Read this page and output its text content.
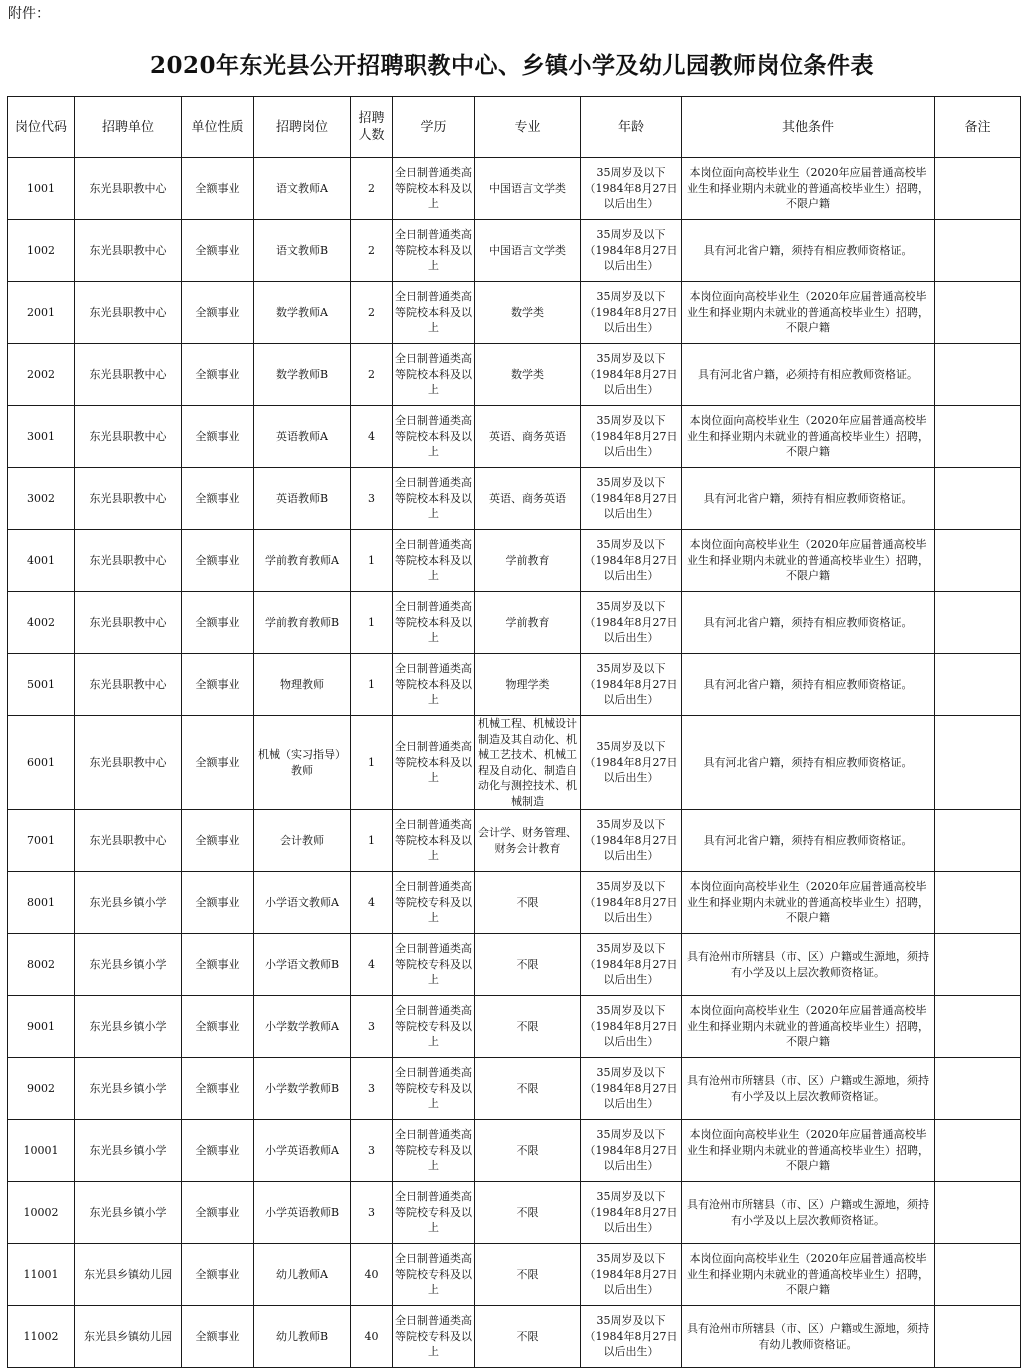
附件：
2020年东光县公开招聘职教中心、乡镇小学及幼儿园教师岗位条件表
岗位代码	招聘单位	单位性质	招聘岗位	招聘人数	学历	专业	年龄	其他条件	备注
1001	东光县职教中心	全额事业	语文教师A	2	全日制普通类高等院校本科及以上	中国语言文学类	35周岁及以下（1984年8月27日以后出生）	本岗位面向高校毕业生（2020年应届普通高校毕业生和择业期内未就业的普通高校毕业生）招聘，不限户籍	
1002	东光县职教中心	全额事业	语文教师B	2	全日制普通类高等院校本科及以上	中国语言文学类	35周岁及以下（1984年8月27日以后出生）	具有河北省户籍，须持有相应教师资格证。	
2001	东光县职教中心	全额事业	数学教师A	2	全日制普通类高等院校本科及以上	数学类	35周岁及以下（1984年8月27日以后出生）	本岗位面向高校毕业生（2020年应届普通高校毕业生和择业期内未就业的普通高校毕业生）招聘，不限户籍	
2002	东光县职教中心	全额事业	数学教师B	2	全日制普通类高等院校本科及以上	数学类	35周岁及以下（1984年8月27日以后出生）	具有河北省户籍，必须持有相应教师资格证。	
3001	东光县职教中心	全额事业	英语教师A	4	全日制普通类高等院校本科及以上	英语、商务英语	35周岁及以下（1984年8月27日以后出生）	本岗位面向高校毕业生（2020年应届普通高校毕业生和择业期内未就业的普通高校毕业生）招聘，不限户籍	
3002	东光县职教中心	全额事业	英语教师B	3	全日制普通类高等院校本科及以上	英语、商务英语	35周岁及以下（1984年8月27日以后出生）	具有河北省户籍，须持有相应教师资格证。	
4001	东光县职教中心	全额事业	学前教育教师A	1	全日制普通类高等院校本科及以上	学前教育	35周岁及以下（1984年8月27日以后出生）	本岗位面向高校毕业生（2020年应届普通高校毕业生和择业期内未就业的普通高校毕业生）招聘，不限户籍	
4002	东光县职教中心	全额事业	学前教育教师B	1	全日制普通类高等院校本科及以上	学前教育	35周岁及以下（1984年8月27日以后出生）	具有河北省户籍，须持有相应教师资格证。	
5001	东光县职教中心	全额事业	物理教师	1	全日制普通类高等院校本科及以上	物理学类	35周岁及以下（1984年8月27日以后出生）	具有河北省户籍，须持有相应教师资格证。	
6001	东光县职教中心	全额事业	机械（实习指导）教师	1	全日制普通类高等院校本科及以上	机械工程、机械设计制造及其自动化、机械工艺技术、机械工程及自动化、制造自动化与测控技术、机械制造	35周岁及以下（1984年8月27日以后出生）	具有河北省户籍，须持有相应教师资格证。	
7001	东光县职教中心	全额事业	会计教师	1	全日制普通类高等院校本科及以上	会计学、财务管理、财务会计教育	35周岁及以下（1984年8月27日以后出生）	具有河北省户籍，须持有相应教师资格证。	
8001	东光县乡镇小学	全额事业	小学语文教师A	4	全日制普通类高等院校专科及以上	不限	35周岁及以下（1984年8月27日以后出生）	本岗位面向高校毕业生（2020年应届普通高校毕业生和择业期内未就业的普通高校毕业生）招聘，不限户籍	
8002	东光县乡镇小学	全额事业	小学语文教师B	4	全日制普通类高等院校专科及以上	不限	35周岁及以下（1984年8月27日以后出生）	具有沧州市所辖县（市、区）户籍或生源地，须持有小学及以上层次教师资格证。	
9001	东光县乡镇小学	全额事业	小学数学教师A	3	全日制普通类高等院校专科及以上	不限	35周岁及以下（1984年8月27日以后出生）	本岗位面向高校毕业生（2020年应届普通高校毕业生和择业期内未就业的普通高校毕业生）招聘，不限户籍	
9002	东光县乡镇小学	全额事业	小学数学教师B	3	全日制普通类高等院校专科及以上	不限	35周岁及以下（1984年8月27日以后出生）	具有沧州市所辖县（市、区）户籍或生源地，须持有小学及以上层次教师资格证。	
10001	东光县乡镇小学	全额事业	小学英语教师A	3	全日制普通类高等院校专科及以上	不限	35周岁及以下（1984年8月27日以后出生）	本岗位面向高校毕业生（2020年应届普通高校毕业生和择业期内未就业的普通高校毕业生）招聘，不限户籍	
10002	东光县乡镇小学	全额事业	小学英语教师B	3	全日制普通类高等院校专科及以上	不限	35周岁及以下（1984年8月27日以后出生）	具有沧州市所辖县（市、区）户籍或生源地，须持有小学及以上层次教师资格证。	
11001	东光县乡镇幼儿园	全额事业	幼儿教师A	40	全日制普通类高等院校专科及以上	不限	35周岁及以下（1984年8月27日以后出生）	本岗位面向高校毕业生（2020年应届普通高校毕业生和择业期内未就业的普通高校毕业生）招聘，不限户籍	
11002	东光县乡镇幼儿园	全额事业	幼儿教师B	40	全日制普通类高等院校专科及以上	不限	35周岁及以下（1984年8月27日以后出生）	具有沧州市所辖县（市、区）户籍或生源地，须持有幼儿教师资格证。	
